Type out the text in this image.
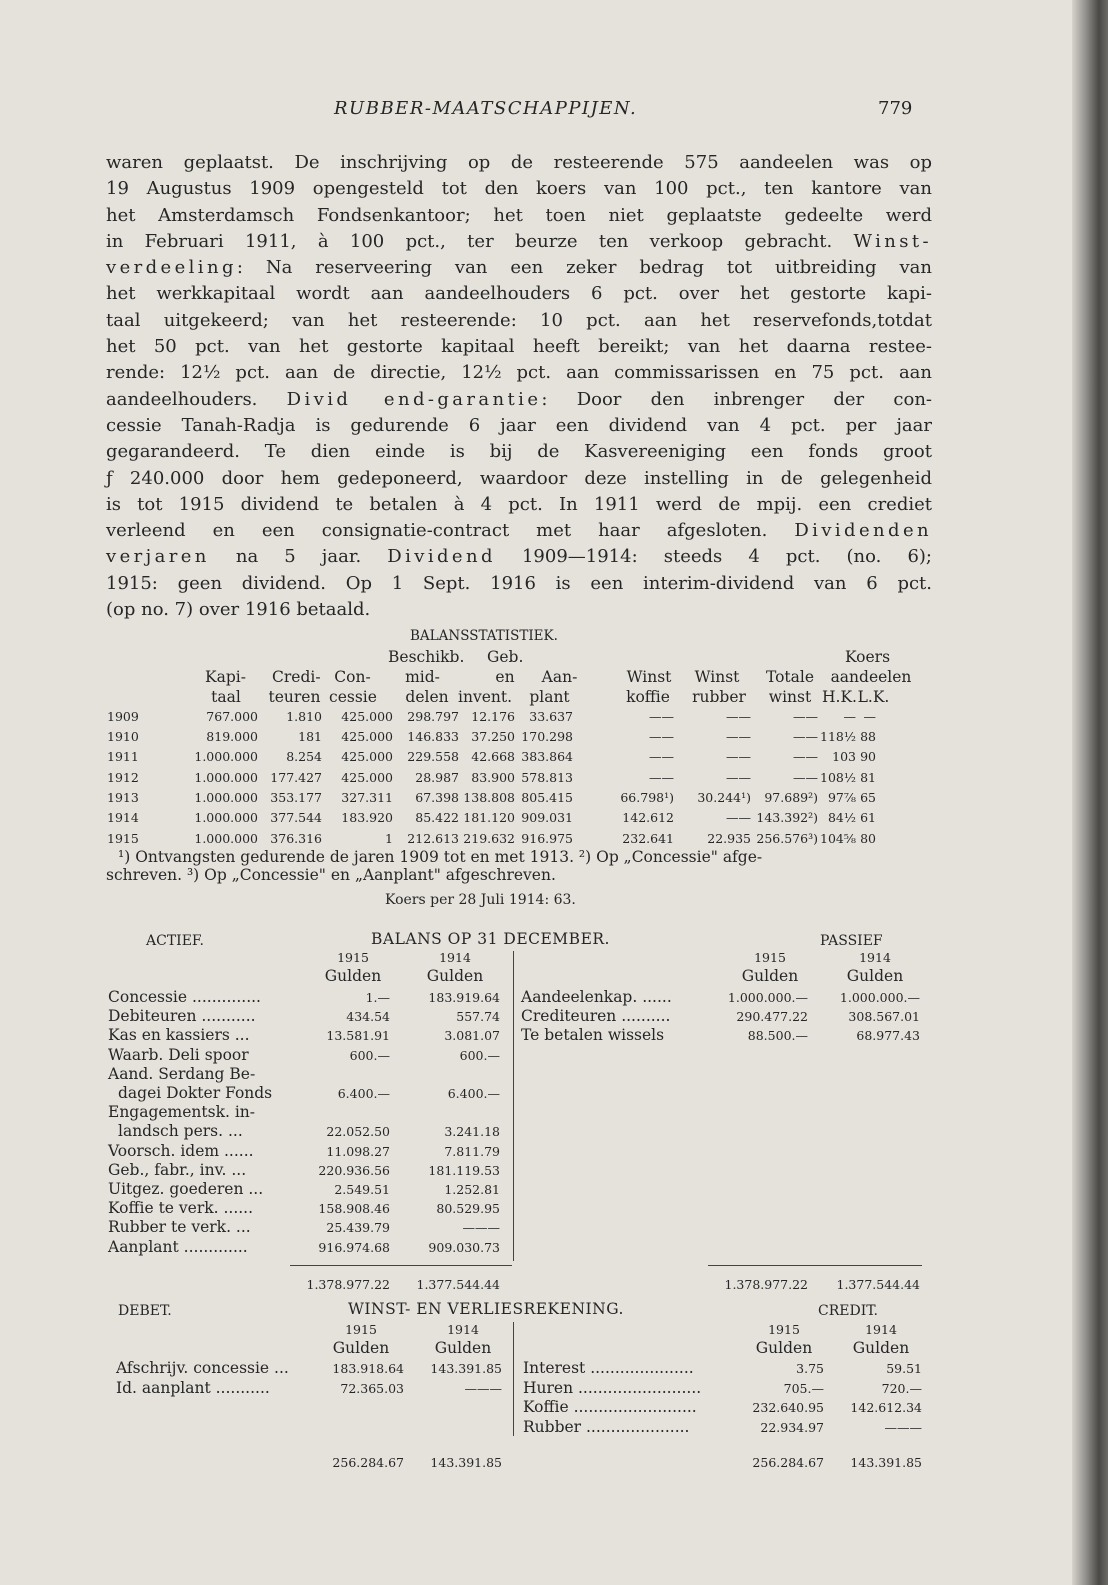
RUBBER-MAATSCHAPPIJEN.	779
waren geplaatst. De inschrijving op de resteerende 575 aandeelen was op
19 Augustus 1909 opengesteld tot den koers van 100 pct., ten kantore van
het Amsterdamsch Fondsenkantoor; het toen niet geplaatste gedeelte werd
in Februari 1911, à 100 pct., ter beurze ten verkoop gebracht. Winst-
verdeeling: Na reserveering van een zeker bedrag tot uitbreiding van
het werkkapitaal wordt aan aandeelhouders 6 pct. over het gestorte kapi-
taal uitgekeerd; van het resteerende: 10 pct. aan het reservefonds,totdat
het 50 pct. van het gestorte kapitaal heeft bereikt; van het daarna restee-
rende: 12½ pct. aan de directie, 12½ pct. aan commissarissen en 75 pct. aan
aandeelhouders. Divid end-garantie: Door den inbrenger der con-
cessie Tanah-Radja is gedurende 6 jaar een dividend van 4 pct. per jaar
gegarandeerd. Te dien einde is bij de Kasvereeniging een fonds groot
ƒ 240.000 door hem gedeponeerd, waardoor deze instelling in de gelegenheid
is tot 1915 dividend te betalen à 4 pct. In 1911 werd de mpij. een crediet
verleend en een consignatie-contract met haar afgesloten. Dividenden
verjaren na 5 jaar. Dividend 1909—1914: steeds 4 pct. (no. 6);
1915: geen dividend. Op 1 Sept. 1916 is een interim-dividend van 6 pct.
(op no. 7) over 1916 betaald.
BALANSSTATISTIEK.
Beschikb. Geb.	Koers
Kapi- Credi- Con- mid-	en	Aan-	Winst	Winst	Totale	aandeelen
taal	teuren cessie	delen invent.	plant	koffie	rubber	winst H.K. L.K.
1909	767.000	1.810	425.000	298.797 12.176	33.637	——	——	——	— —
1910	819.000	181	425.000	146.833 37.250 170.298	——	——	—— 118½ 88
1911	1.000.000	8.254	425.000	229.558 42.668 383.864	——	——	——	103 90
1912	1.000.000 177.427	425.000	28.987 83.900 578.813	——	——	—— 108½ 81
1913	1.000.000 353.177	327.311	67.398 138.808 805.415	66.798¹)	30.244¹)	97.689²) 97⅞ 65
1914	1.000.000 377.544	183.920	85.422 181.120 909.031	142.612	—— 143.392²) 84½ 61
1915	1.000.000 376.316	1	212.613 219.632 916.975	232.641	22.935 256.576³) 104⅝ 80
¹) Ontvangsten gedurende de jaren 1909 tot en met 1913. ²) Op „Concessie" afge-
schreven. ³) Op „Concessie" en „Aanplant" afgeschreven.
Koers per 28 Juli 1914: 63.
ACTIEF.	BALANS OP 31 DECEMBER.	PASSIEF
1915
Gulden
1914
Gulden
1915
Gulden
1914
Gulden
Concessie ..............	1.—	183.919.64
Debiteuren ...........	434.54	557.74
Kas en kassiers ...	13.581.91	3.081.07
Waarb. Deli spoor	600.—	600.—
Aand. Serdang Be-
dagei Dokter Fonds	6.400.—	6.400.—
Engagementsk. in-
landsch pers. ...	22.052.50	3.241.18
Voorsch. idem ......	11.098.27	7.811.79
Geb., fabr., inv. ...	220.936.56	181.119.53
Uitgez. goederen ...	2.549.51	1.252.81
Koffie te verk. ......	158.908.46	80.529.95
Rubber te verk. ...	25.439.79	———
Aanplant .............	916.974.68	909.030.73
Aandeelenkap. ......	1.000.000.—	1.000.000.—
Crediteuren ..........	290.477.22	308.567.01
Te betalen wissels	88.500.—	68.977.43
1.378.977.22	1.377.544.44	1.378.977.22	1.377.544.44
DEBET.	WINST- EN VERLIESREKENING.	CREDIT.
1915
Gulden
1914
Gulden
1915
Gulden
1914
Gulden
Afschrijv. concessie ...	183.918.64	143.391.85
Id. aanplant ...........	72.365.03	———
Interest .....................	3.75	59.51
Huren .........................	705.—	720.—
Koffie .........................	232.640.95	142.612.34
Rubber .....................	22.934.97	———
256.284.67	143.391.85	256.284.67	143.391.85
